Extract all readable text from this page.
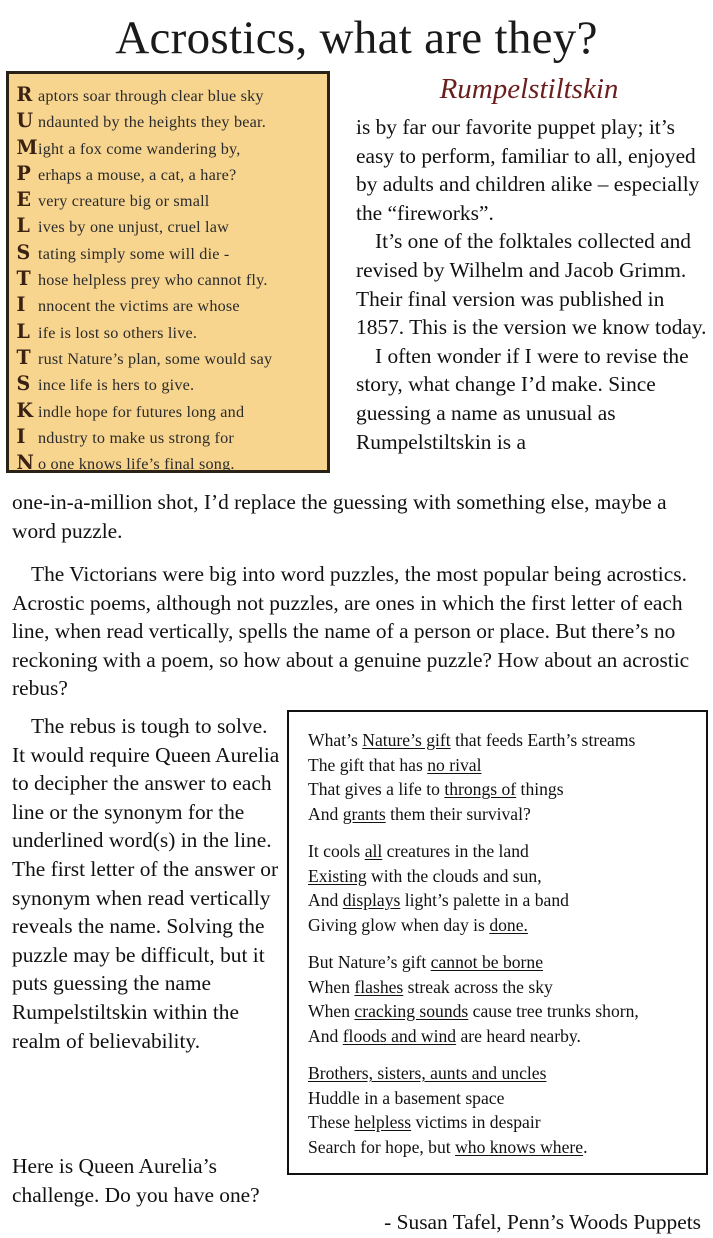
Acrostics, what are they?
R aptors soar through clear blue sky
U ndaunted by the heights they bear.
Might a fox come wandering by,
P erhaps a mouse, a cat, a hare?
E very creature big or small
L ives by one unjust, cruel law
S tating simply some will die -
T hose helpless prey who cannot fly.
I nnocent the victims are whose
L ife is lost so others live.
T rust Nature’s plan, some would say
S ince life is hers to give.
K indle hope for futures long and
I ndustry to make us strong for
N o one knows life’s final song.
Rumpelstiltskin

is by far our favorite puppet play; it’s easy to perform, familiar to all, enjoyed by adults and children alike – especially the “fireworks”.

It’s one of the folktales collected and revised by Wilhelm and Jacob Grimm. Their final version was published in 1857. This is the version we know today.

I often wonder if I were to revise the story, what change I’d make. Since guessing a name as unusual as Rumpelstiltskin is a

one-in-a-million shot, I’d replace the guessing with something else, maybe a word puzzle.

The Victorians were big into word puzzles, the most popular being acrostics. Acrostic poems, although not puzzles, are ones in which the first letter of each line, when read vertically, spells the name of a person or place. But there’s no reckoning with a poem, so how about a genuine puzzle? How about an acrostic rebus?

The rebus is tough to solve. It would require Queen Aurelia to decipher the answer to each line or the synonym for the underlined word(s) in the line. The first letter of the answer or synonym when read vertically reveals the name. Solving the puzzle may be difficult, but it puts guessing the name Rumpelstiltskin within the realm of believability.

What’s Nature’s gift that feeds Earth’s streams
The gift that has no rival
That gives a life to throngs of things
And grants them their survival?
It cools all creatures in the land
Existing with the clouds and sun,
And displays light’s palette in a band
Giving glow when day is done.
But Nature’s gift cannot be borne
When flashes streak across the sky
When cracking sounds cause tree trunks shorn,
And floods and wind are heard nearby.
Brothers, sisters, aunts and uncles
Huddle in a basement space
These helpless victims in despair
Search for hope, but who knows where.

Here is Queen Aurelia’s challenge. Do you have one?

- Susan Tafel, Penn’s Woods Puppets
